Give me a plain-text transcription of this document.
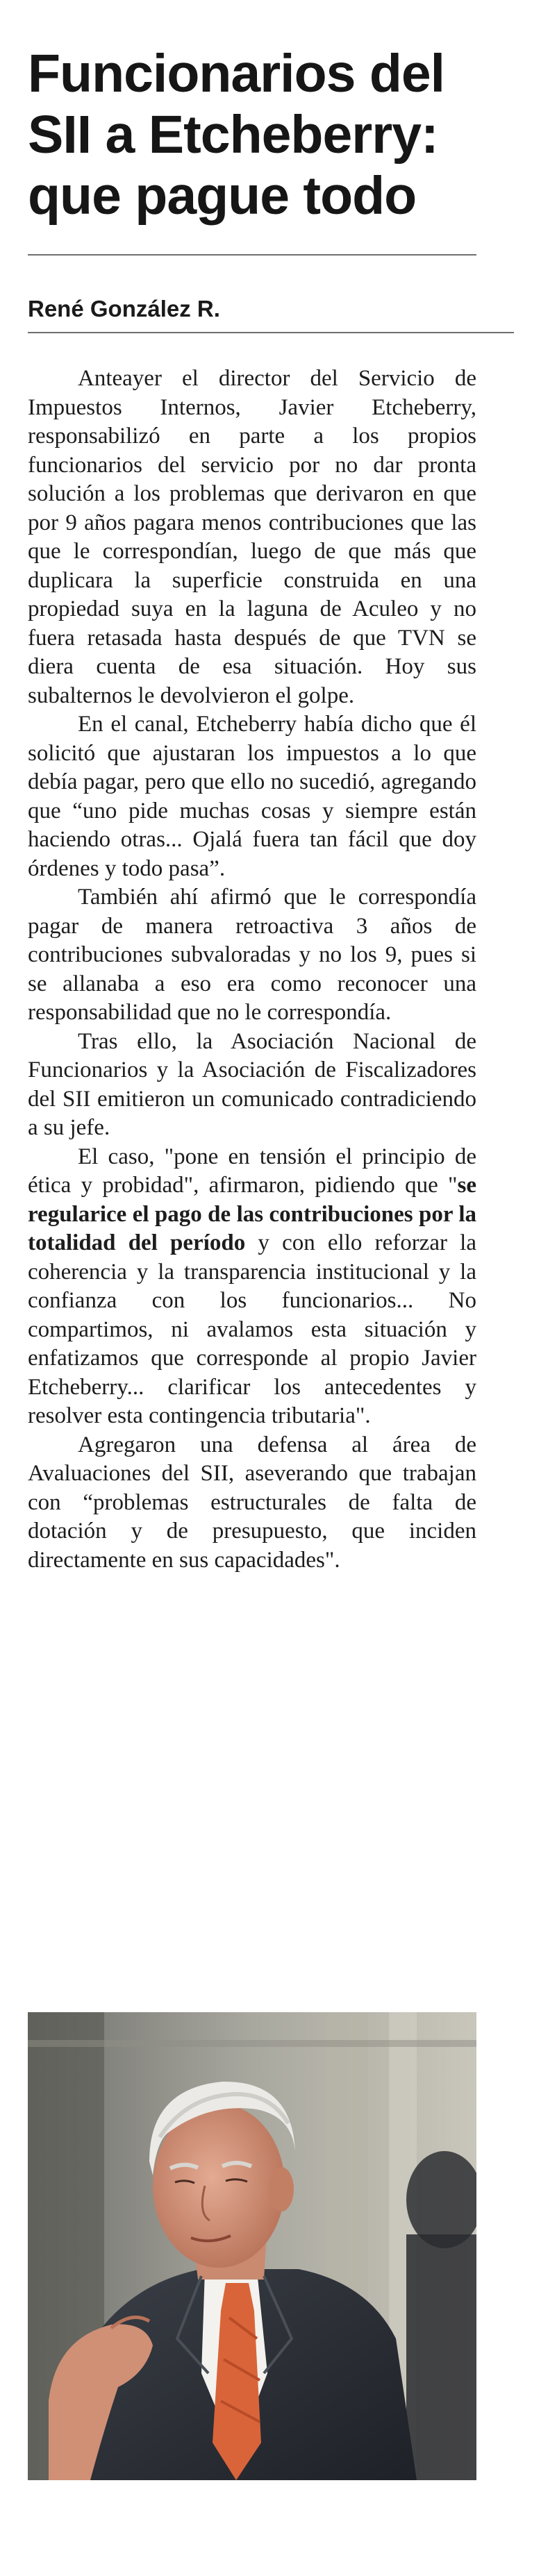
Funcionarios del
SII a Etcheberry:
que pague todo
René González R.

Anteayer el director del Servicio de Impuestos Internos, Javier Etcheberry, responsabilizó en parte a los propios funcionarios del servicio por no dar pronta solución a los problemas que derivaron en que por 9 años pagara menos contribuciones que las que le correspondían, luego de que más que duplicara la superficie construida en una propiedad suya en la laguna de Aculeo y no fuera retasada hasta después de que TVN se diera cuenta de esa situación. Hoy sus subalternos le devolvieron el golpe.

En el canal, Etcheberry había dicho que él solicitó que ajustaran los impuestos a lo que debía pagar, pero que ello no sucedió, agregando que “uno pide muchas cosas y siempre están haciendo otras... Ojalá fuera tan fácil que doy órdenes y todo pasa”.

También ahí afirmó que le correspondía pagar de manera retroactiva 3 años de contribuciones subvaloradas y no los 9, pues si se allanaba a eso era como reconocer una responsabilidad que no le correspondía.

Tras ello, la Asociación Nacional de Funcionarios y la Asociación de Fiscalizadores del SII emitieron un comunicado contradiciendo a su jefe.

El caso, "pone en tensión el principio de ética y probidad", afirmaron, pidiendo que "se regularice el pago de las contribuciones por la totalidad del período y con ello reforzar la coherencia y la transparencia institucional y la confianza con los funcionarios... No compartimos, ni avalamos esta situación y enfatizamos que corresponde al propio Javier Etcheberry... clarificar los antecedentes y resolver esta contingencia tributaria".

Agregaron una defensa al área de Avaluaciones del SII, aseverando que trabajan con “problemas estructurales de falta de dotación y de presupuesto, que inciden directamente en sus capacidades".
